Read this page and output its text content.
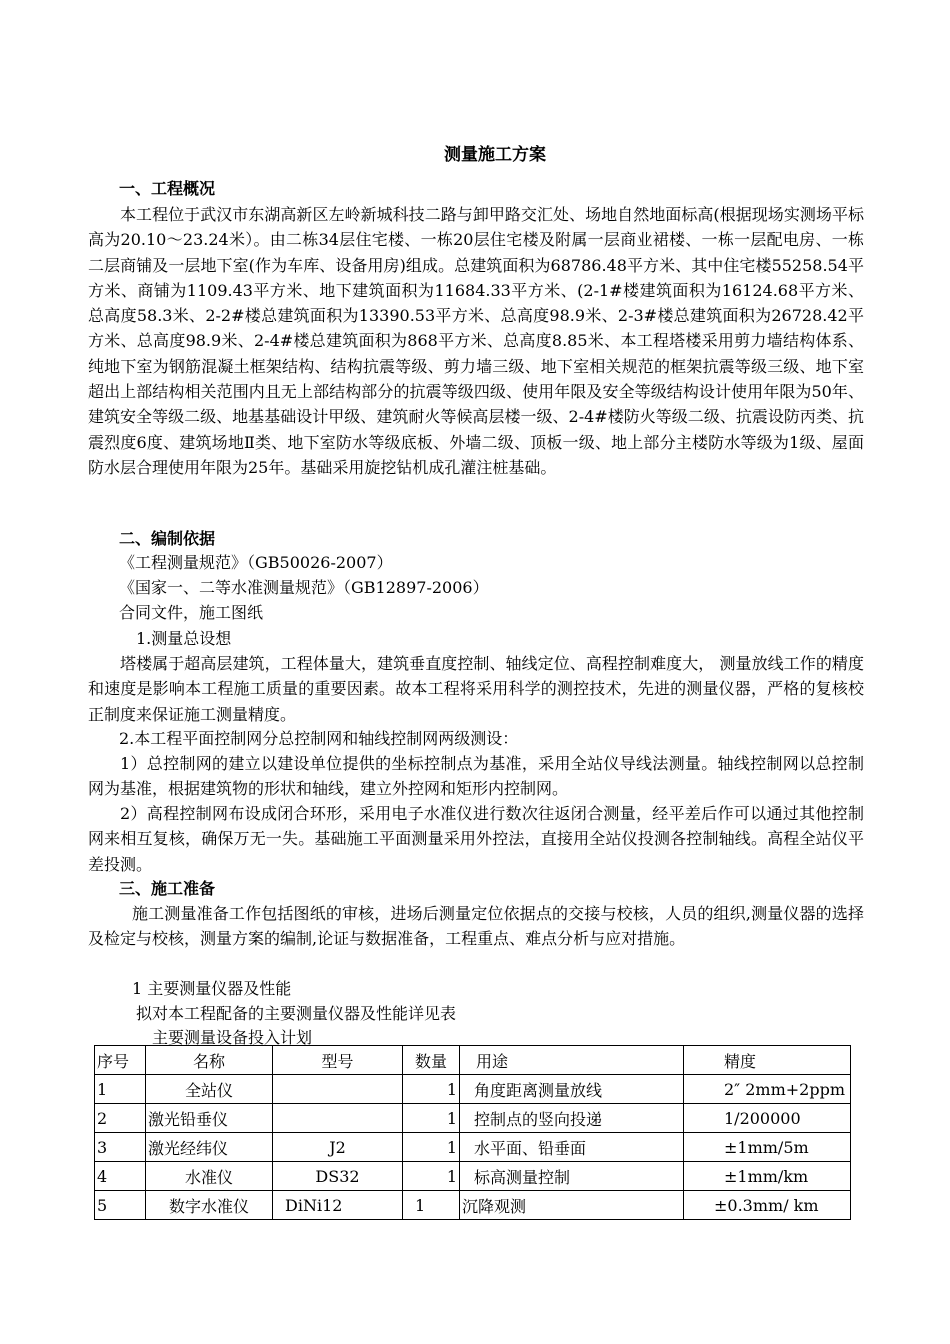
测量施工方案
一、工程概况
本工程位于武汉市东湖高新区左岭新城科技二路与卸甲路交汇处、场地自然地面标高(根据现场实测场平标高为20.10～23.24米）。由二栋34层住宅楼、一栋20层住宅楼及附属一层商业裙楼、一栋一层配电房、一栋二层商铺及一层地下室(作为车库、设备用房)组成。总建筑面积为68786.48平方米、其中住宅楼55258.54平方米、商铺为1109.43平方米、地下建筑面积为11684.33平方米、(2-1#楼建筑面积为16124.68平方米、总高度58.3米、2-2#楼总建筑面积为13390.53平方米、总高度98.9米、2-3#楼总建筑面积为26728.42平方米、总高度98.9米、2-4#楼总建筑面积为868平方米、总高度8.85米、本工程塔楼采用剪力墙结构体系、纯地下室为钢筋混凝土框架结构、结构抗震等级、剪力墙三级、地下室相关规范的框架抗震等级三级、地下室超出上部结构相关范围内且无上部结构部分的抗震等级四级、使用年限及安全等级结构设计使用年限为50年、建筑安全等级二级、地基基础设计甲级、建筑耐火等候高层楼一级、2-4#楼防火等级二级、抗震设防丙类、抗震烈度6度、建筑场地Ⅱ类、地下室防水等级底板、外墙二级、顶板一级、地上部分主楼防水等级为1级、屋面防水层合理使用年限为25年。基础采用旋挖钻机成孔灌注桩基础。
二、编制依据
《工程测量规范》（GB50026-2007）
《国家一、二等水准测量规范》（GB12897-2006）
合同文件，施工图纸
1.测量总设想
塔楼属于超高层建筑，工程体量大，建筑垂直度控制、轴线定位、高程控制难度大， 测量放线工作的精度和速度是影响本工程施工质量的重要因素。故本工程将采用科学的测控技术，先进的测量仪器，严格的复核校正制度来保证施工测量精度。
2.本工程平面控制网分总控制网和轴线控制网两级测设：
1）总控制网的建立以建设单位提供的坐标控制点为基准，采用全站仪导线法测量。轴线控制网以总控制网为基准，根据建筑物的形状和轴线，建立外控网和矩形内控制网。
2）高程控制网布设成闭合环形，采用电子水准仪进行数次往返闭合测量，经平差后作可以通过其他控制网来相互复核，确保万无一失。基础施工平面测量采用外控法，直接用全站仪投测各控制轴线。高程全站仪平差投测。
三、施工准备
施工测量准备工作包括图纸的审核，进场后测量定位依据点的交接与校核，人员的组织,测量仪器的选择及检定与校核，测量方案的编制,论证与数据准备，工程重点、难点分析与应对措施。
1 主要测量仪器及性能
拟对本工程配备的主要测量仪器及性能详见表
主要测量设备投入计划
序号	名称	型号	数量	用途	精度
1	全站仪		1	角度距离测量放线	2″ 2mm+2ppm
2	激光铅垂仪		1	控制点的竖向投递	1/200000
3	激光经纬仪	J2	1	水平面、铅垂面	±1mm/5m
4	水准仪	DS32	1	标高测量控制	±1mm/km
5	数字水准仪	DiNi12	1	沉降观测	±0.3mm/ km
